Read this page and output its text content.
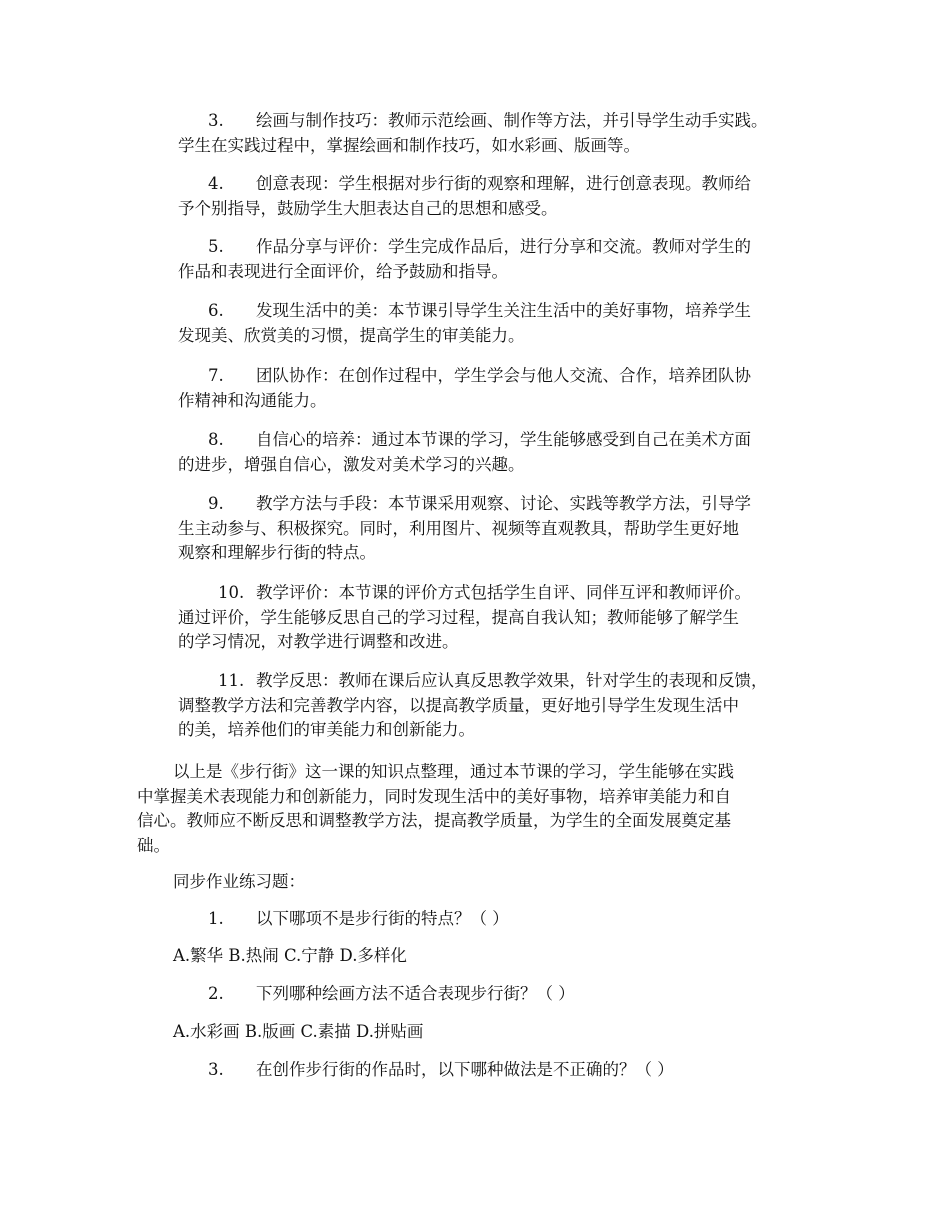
3. 绘画与制作技巧：教师示范绘画、制作等方法，并引导学生动手实践。
学生在实践过程中，掌握绘画和制作技巧，如水彩画、版画等。
4. 创意表现：学生根据对步行街的观察和理解，进行创意表现。教师给
予个别指导，鼓励学生大胆表达自己的思想和感受。
5. 作品分享与评价：学生完成作品后，进行分享和交流。教师对学生的
作品和表现进行全面评价，给予鼓励和指导。
6. 发现生活中的美：本节课引导学生关注生活中的美好事物，培养学生
发现美、欣赏美的习惯，提高学生的审美能力。
7. 团队协作：在创作过程中，学生学会与他人交流、合作，培养团队协
作精神和沟通能力。
8. 自信心的培养：通过本节课的学习，学生能够感受到自己在美术方面
的进步，增强自信心，激发对美术学习的兴趣。
9. 教学方法与手段：本节课采用观察、讨论、实践等教学方法，引导学
生主动参与、积极探究。同时，利用图片、视频等直观教具，帮助学生更好地
观察和理解步行街的特点。
10. 教学评价：本节课的评价方式包括学生自评、同伴互评和教师评价。
通过评价，学生能够反思自己的学习过程，提高自我认知；教师能够了解学生
的学习情况，对教学进行调整和改进。
11. 教学反思：教师在课后应认真反思教学效果，针对学生的表现和反馈，
调整教学方法和完善教学内容，以提高教学质量，更好地引导学生发现生活中
的美，培养他们的审美能力和创新能力。
以上是《步行街》这一课的知识点整理，通过本节课的学习，学生能够在实践
中掌握美术表现能力和创新能力，同时发现生活中的美好事物，培养审美能力和自
信心。教师应不断反思和调整教学方法，提高教学质量，为学生的全面发展奠定基
础。
同步作业练习题：
1. 以下哪项不是步行街的特点？（ ）
A.繁华 B.热闹 C.宁静 D.多样化
2. 下列哪种绘画方法不适合表现步行街？（ ）
A.水彩画 B.版画 C.素描 D.拼贴画
3. 在创作步行街的作品时，以下哪种做法是不正确的？（ ）
